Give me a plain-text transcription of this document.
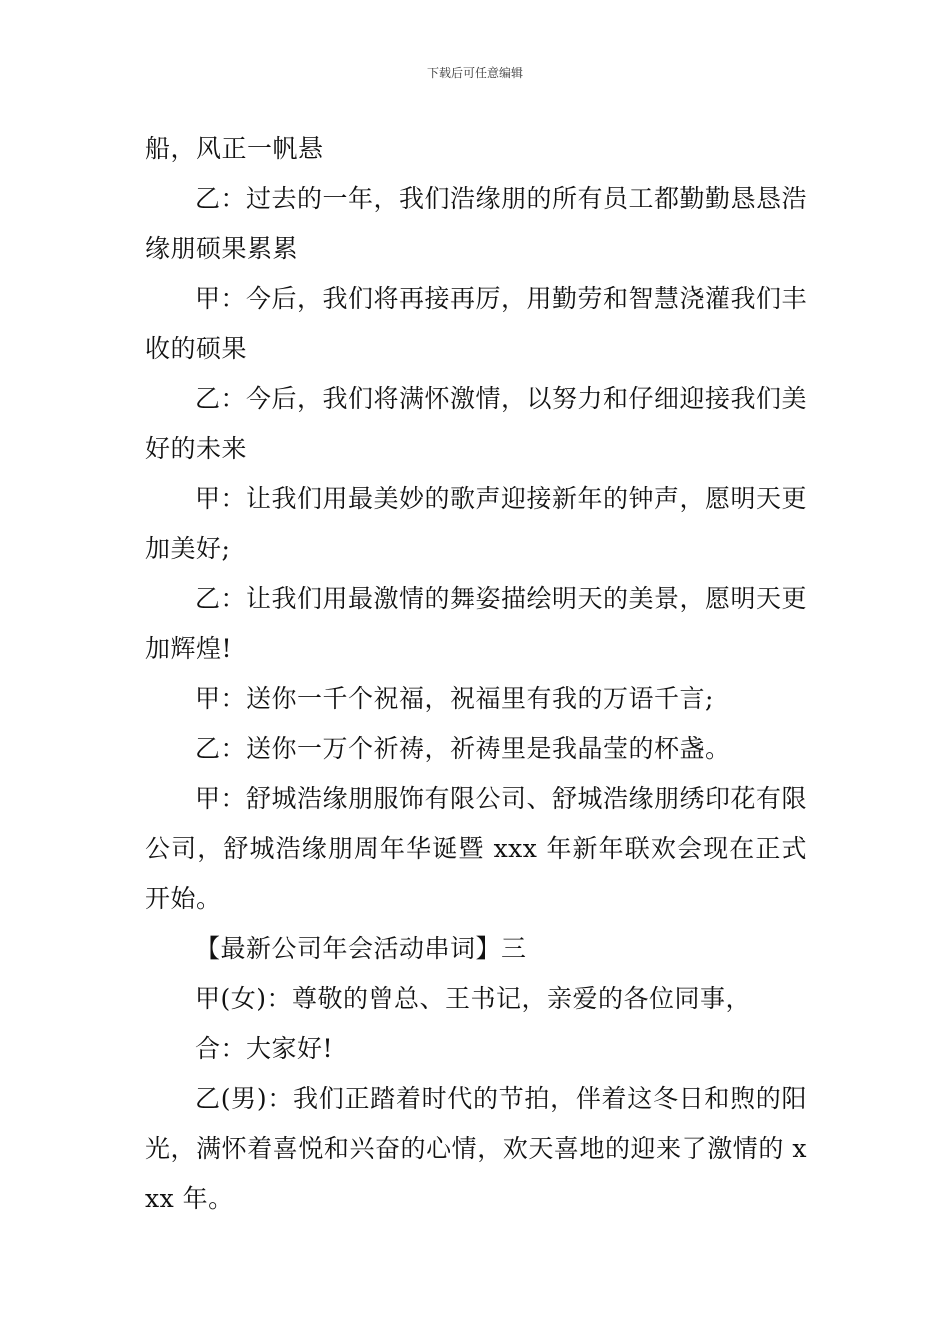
下载后可任意编辑

船，风正一帆悬

乙：过去的一年，我们浩缘朋的所有员工都勤勤恳恳浩缘朋硕果累累

甲：今后，我们将再接再厉，用勤劳和智慧浇灌我们丰收的硕果

乙：今后，我们将满怀激情，以努力和仔细迎接我们美好的未来

甲：让我们用最美妙的歌声迎接新年的钟声，愿明天更加美好;

乙：让我们用最激情的舞姿描绘明天的美景，愿明天更加辉煌!

甲：送你一千个祝福，祝福里有我的万语千言;

乙：送你一万个祈祷，祈祷里是我晶莹的杯盏。

甲：舒城浩缘朋服饰有限公司、舒城浩缘朋绣印花有限公司，舒城浩缘朋周年华诞暨 xxx 年新年联欢会现在正式开始。

【最新公司年会活动串词】三

甲(女)：尊敬的曾总、王书记，亲爱的各位同事，

合：大家好!

乙(男)：我们正踏着时代的节拍，伴着这冬日和煦的阳光，满怀着喜悦和兴奋的心情，欢天喜地的迎来了激情的 xxx 年。
